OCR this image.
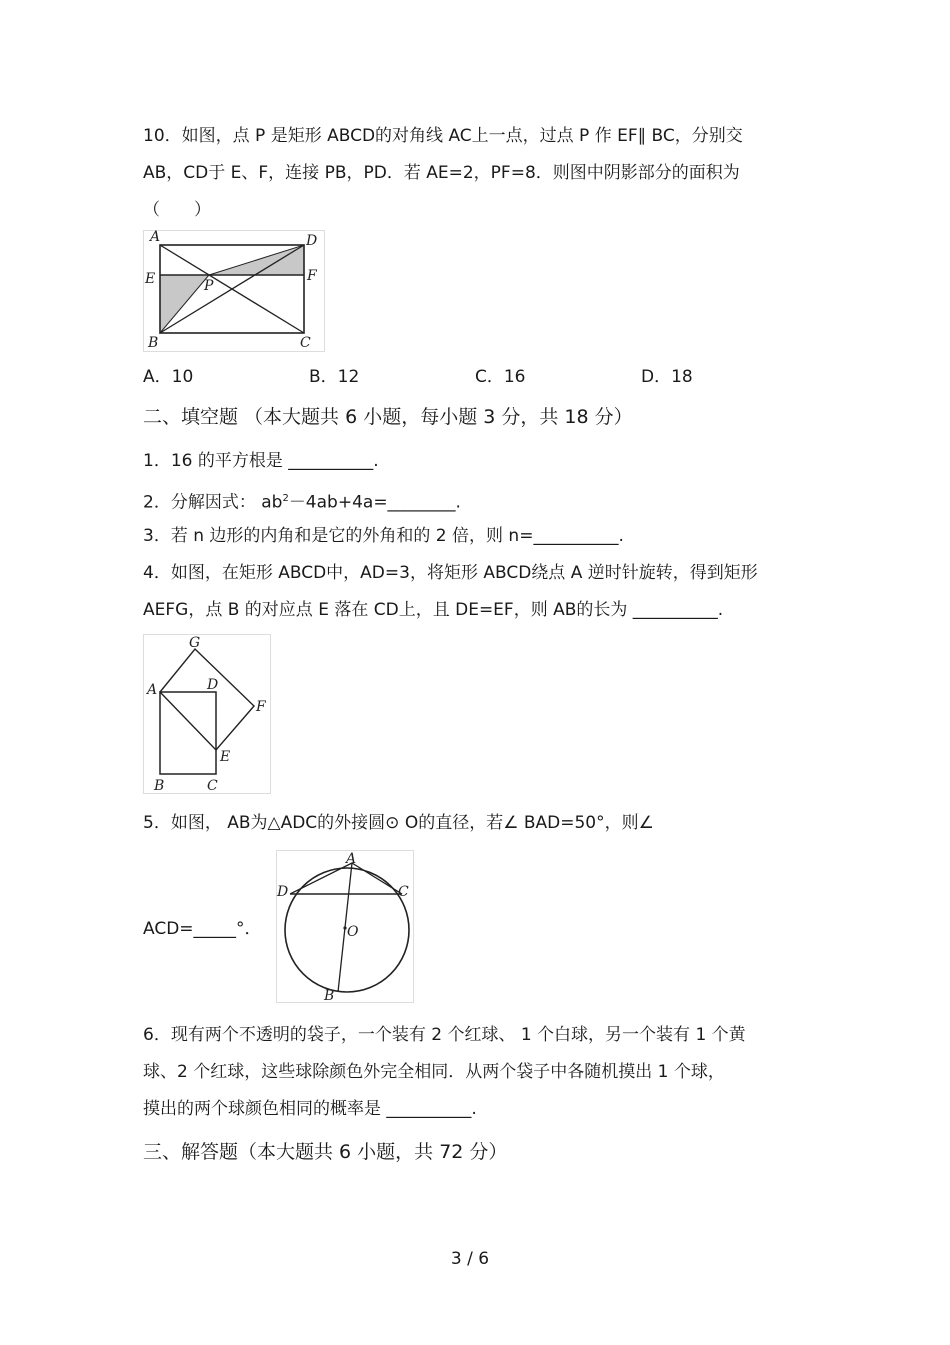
10．如图，点 P 是矩形 ABCD的对角线 AC上一点，过点 P 作 EF∥ BC，分别交
AB，CD于 E、F，连接 PB，PD．若 AE=2，PF=8．则图中阴影部分的面积为
（　　）
A	D
E	F
P
B	C
A．10	B．12	C．16	D．18
二、填空题 （本大题共 6 小题，每小题 3 分，共 18 分）
1．16 的平方根是 __________.
2．分解因式： $ab^2-4ab+4a=\_\_\_\_\_\_\_\_$.
3．若 n 边形的内角和是它的外角和的 2 倍，则 n=__________.
4．如图，在矩形 ABCD中，AD=3，将矩形 ABCD绕点 A 逆时针旋转，得到矩形
AEFG，点 B 的对应点 E 落在 CD上，且 DE=EF，则 AB的长为 __________.
G
A	D
F
E
B	C
5．如图， AB为△ADC的外接圆⊙ O的直径，若∠ BAD=50°，则∠
ACD=_____°．
A
D	C
O
B
6．现有两个不透明的袋子，一个装有 2 个红球、 1 个白球，另一个装有 1 个黄
球、2 个红球，这些球除颜色外完全相同．从两个袋子中各随机摸出 1 个球，
摸出的两个球颜色相同的概率是 __________.
三、解答题（本大题共 6 小题，共 72 分）
3 / 6
